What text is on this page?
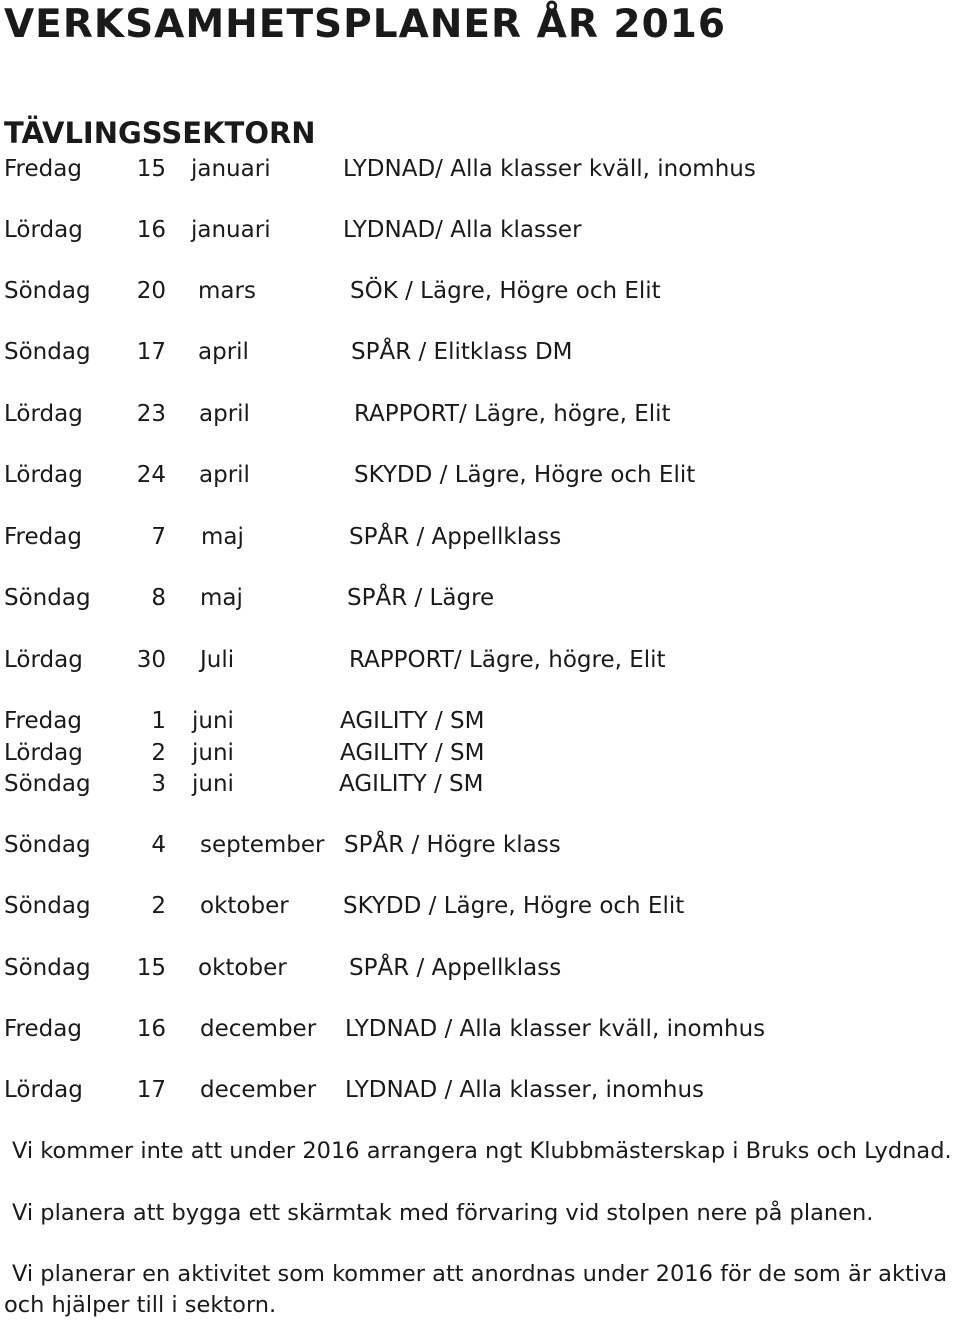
VERKSAMHETSPLANER ÅR 2016
TÄVLINGSSEKTORN
Fredag	15 januari	LYDNAD/ Alla klasser kväll, inomhus
Lördag	16 januari	LYDNAD/ Alla klasser
Söndag	20 mars	SÖK / Lägre, Högre och Elit
Söndag	17 april	SPÅR / Elitklass DM
Lördag	23 april	RAPPORT/ Lägre, högre, Elit
Lördag	24 april	SKYDD / Lägre, Högre och Elit
Fredag	7 maj	SPÅR / Appellklass
Söndag	8 maj	SPÅR / Lägre
Lördag	30 Juli	RAPPORT/ Lägre, högre, Elit
Fredag	1 juni	AGILITY / SM
Lördag	2 juni	AGILITY / SM
Söndag	3 juni	AGILITY / SM
Söndag	4 september SPÅR / Högre klass
Söndag	2 oktober SKYDD / Lägre, Högre och Elit
Söndag	15 oktober	SPÅR / Appellklass
Fredag	16 december LYDNAD / Alla klasser kväll, inomhus
Lördag	17 december LYDNAD / Alla klasser, inomhus
Vi kommer inte att under 2016 arrangera ngt Klubbmästerskap i Bruks och Lydnad.
Vi planera att bygga ett skärmtak med förvaring vid stolpen nere på planen.
Vi planerar en aktivitet som kommer att anordnas under 2016 för de som är aktiva och hjälper till i sektorn.
